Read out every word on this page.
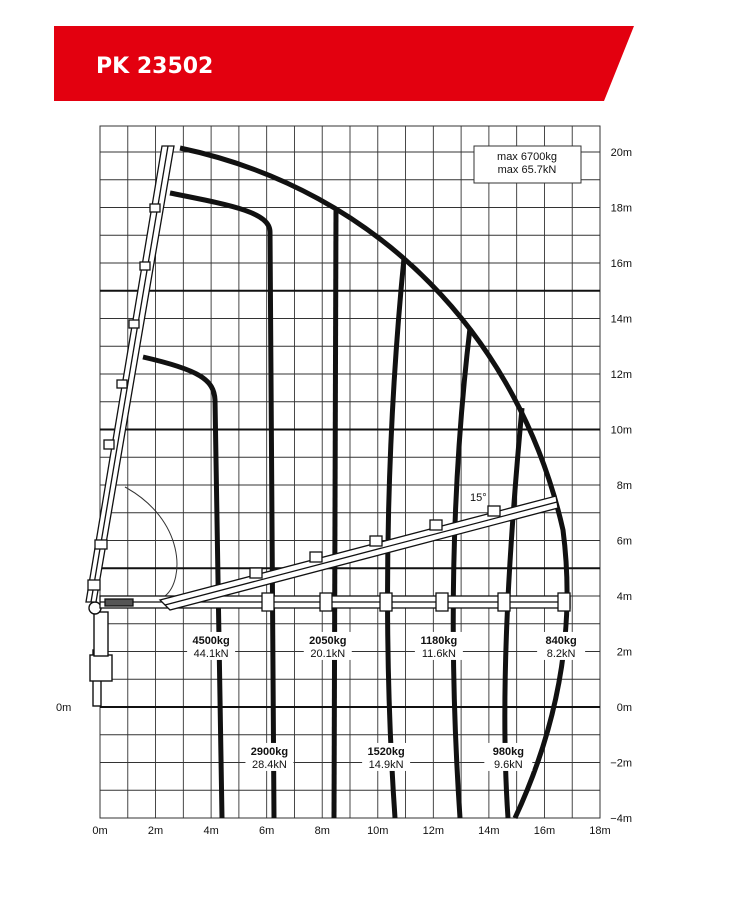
PK 23502
0m	2m	4m	6m	8m	10m	12m	14m	16m	18m
20m
18m
16m
14m
12m
10m
8m
6m
4m
2m
0m
−2m
−4m
0m
max 6700kg
max 65.7kN
15°
4500kg
44.1kN
2050kg
20.1kN
1180kg
11.6kN
840kg
8.2kN
2900kg
28.4kN
1520kg
14.9kN
980kg
9.6kN
